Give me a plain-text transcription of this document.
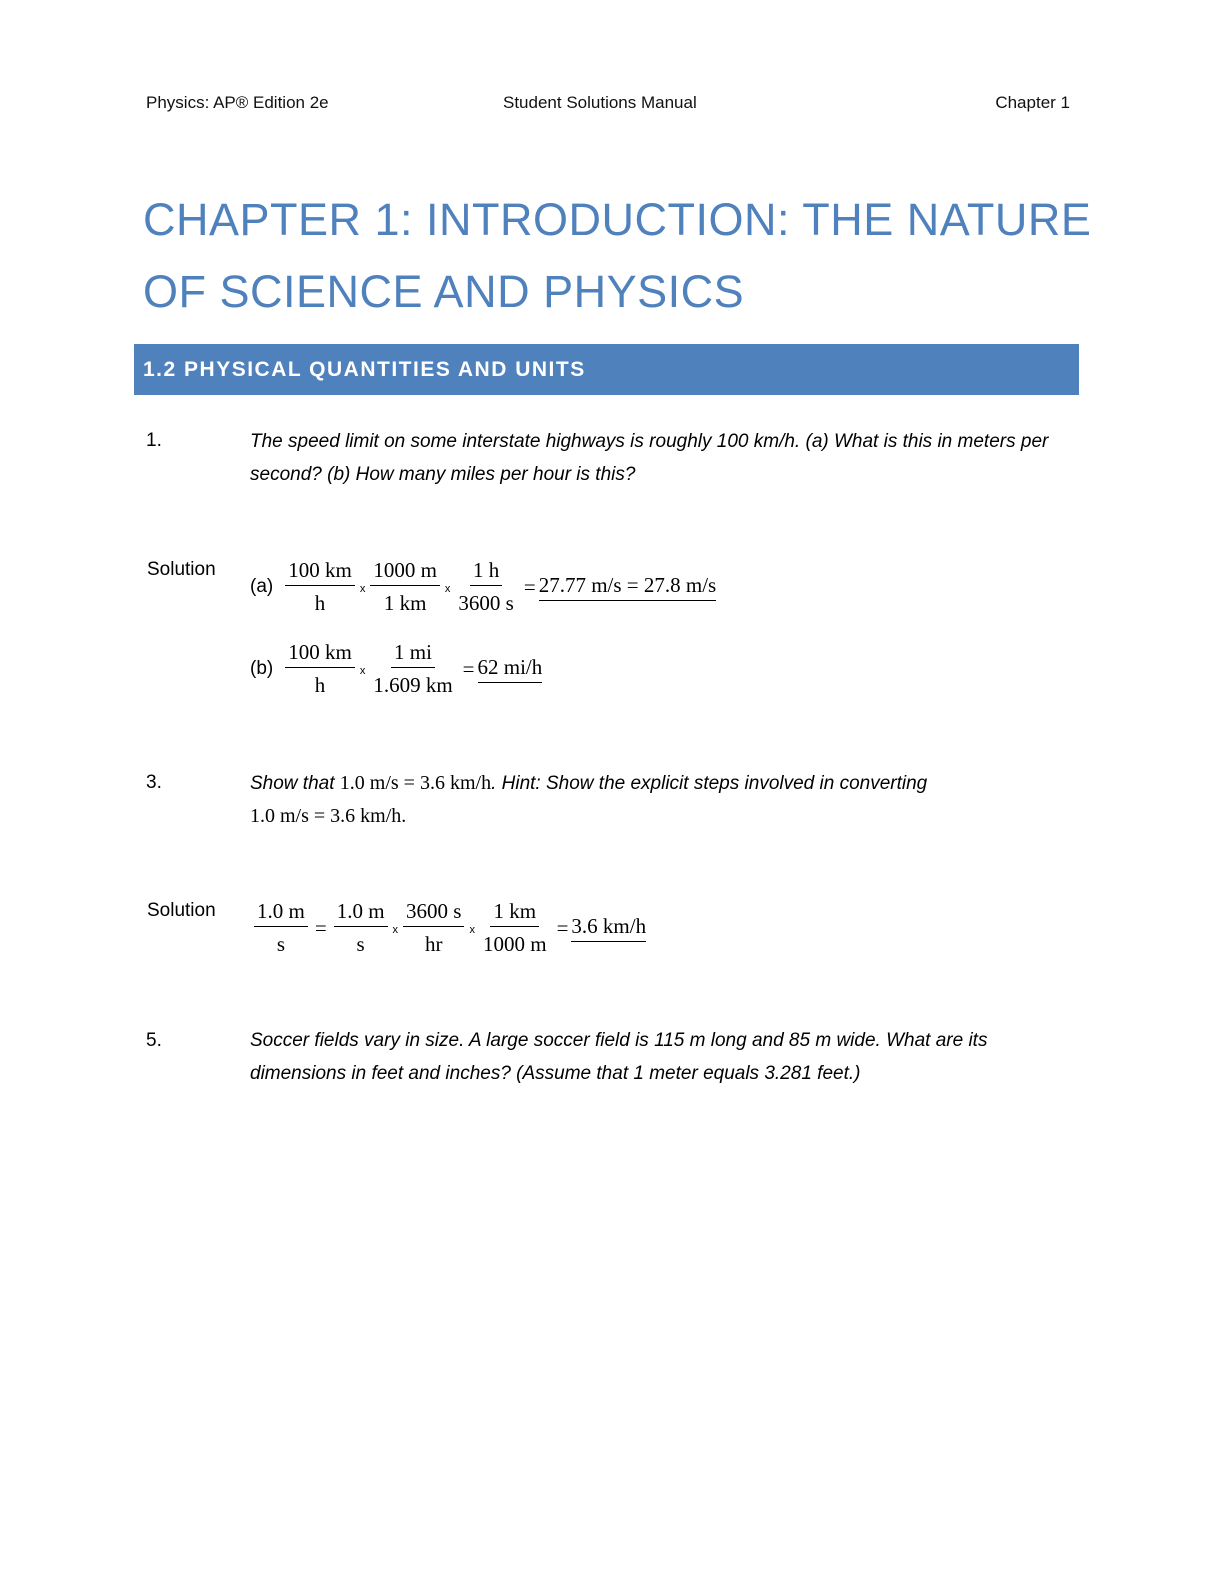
Physics: AP® Edition 2e	Student Solutions Manual	Chapter 1
CHAPTER 1: INTRODUCTION: THE NATURE OF SCIENCE AND PHYSICS
1.2 PHYSICAL QUANTITIES AND UNITS
1.	The speed limit on some interstate highways is roughly 100 km/h. (a) What is this in meters per second? (b) How many miles per hour is this?
Solution
$(a) \frac{100 km}{h}$ x $\frac{1000 m}{1 km}$ x $\frac{1 h}{3600 s} = 27.77$ m/s = 27.8 m/s
$(b) \frac{100 km}{h}$ x $\frac{1 mi}{1.609 km} = 62$ mi/h
3.	Show that 1.0 m/s = 3.6 km/h. Hint: Show the explicit steps involved in converting
1.0 m/s = 3.6 km/h.
Solution $\frac{1.0 m}{s} = \frac{1.0 m}{s}$ x $\frac{3600 s}{hr}$ x $\frac{1 km}{1000 m} = 3.6$ km/h
5.	Soccer fields vary in size. A large soccer field is 115 m long and 85 m wide. What are its dimensions in feet and inches? (Assume that 1 meter equals 3.281 feet.)
